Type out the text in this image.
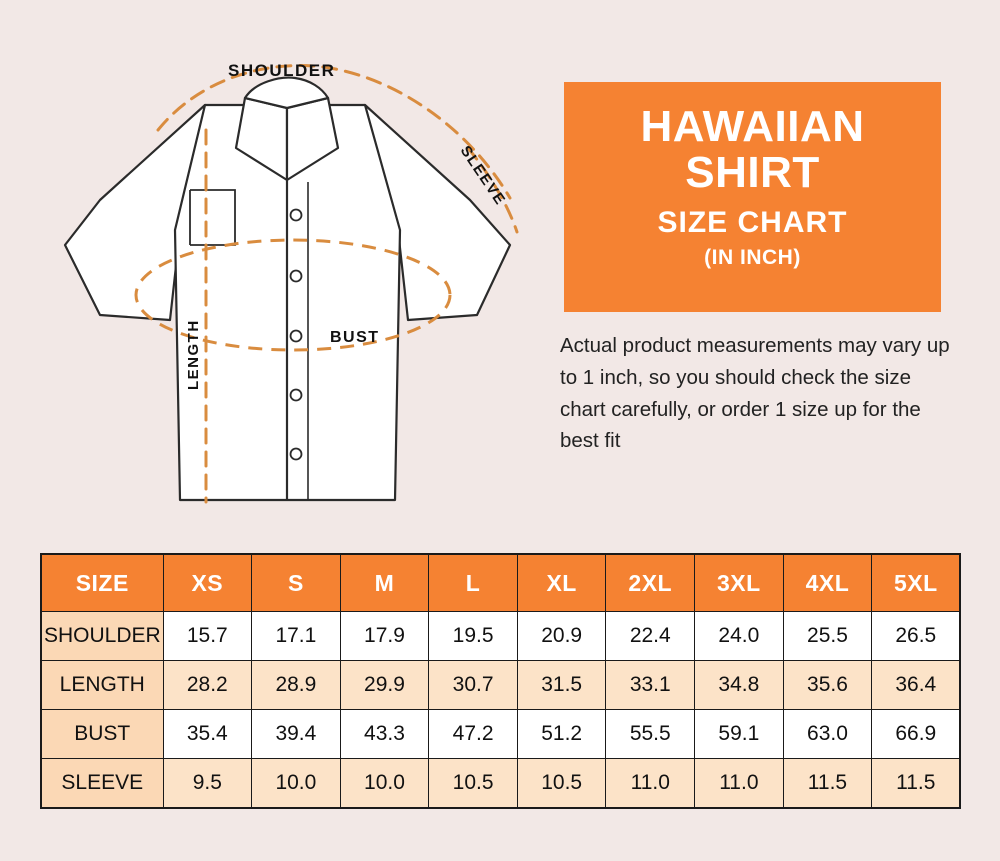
SHOULDER
SLEEVE
BUST
LENGTH
HAWAIIAN
SHIRT
SIZE CHART
(IN INCH)
Actual product measurements may vary up to 1 inch, so you should check the size chart carefully, or order 1 size up for the best fit
SIZE	XS	S	M	L	XL	2XL	3XL	4XL	5XL
SHOULDER	15.7	17.1	17.9	19.5	20.9	22.4	24.0	25.5	26.5
LENGTH	28.2	28.9	29.9	30.7	31.5	33.1	34.8	35.6	36.4
BUST	35.4	39.4	43.3	47.2	51.2	55.5	59.1	63.0	66.9
SLEEVE	9.5	10.0	10.0	10.5	10.5	11.0	11.0	11.5	11.5
